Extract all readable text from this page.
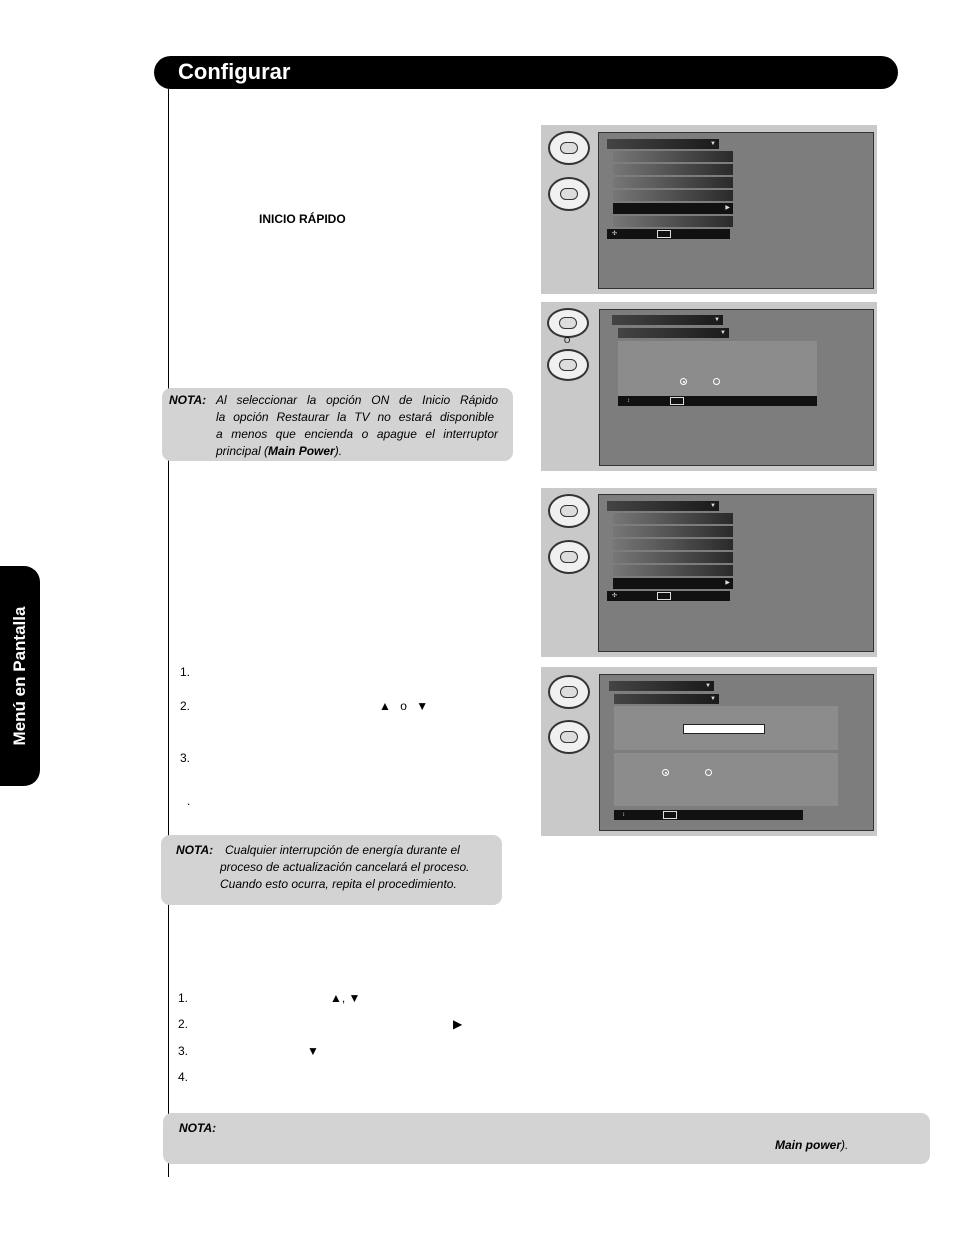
Configurar
Menú en Pantalla
INICIO RÁPIDO
NOTA: Al seleccionar la opción ON de Inicio Rápido
la opción Restaurar la TV no estará disponible
a menos que encienda o apague el interruptor
principal (Main Power).
1.
2.	▲ o ▼
3.
.
NOTA: Cualquier interrupción de energía durante el
proceso de actualización cancelará el proceso.
Cuando esto ocurra, repita el procedimiento.
1.	▲, ▼
2.	▶
3.	▼
4.
NOTA:
Main power).
▼
▶
✣
O
▼
▼
↕
▼
▶
✣
▼
▼
↕
